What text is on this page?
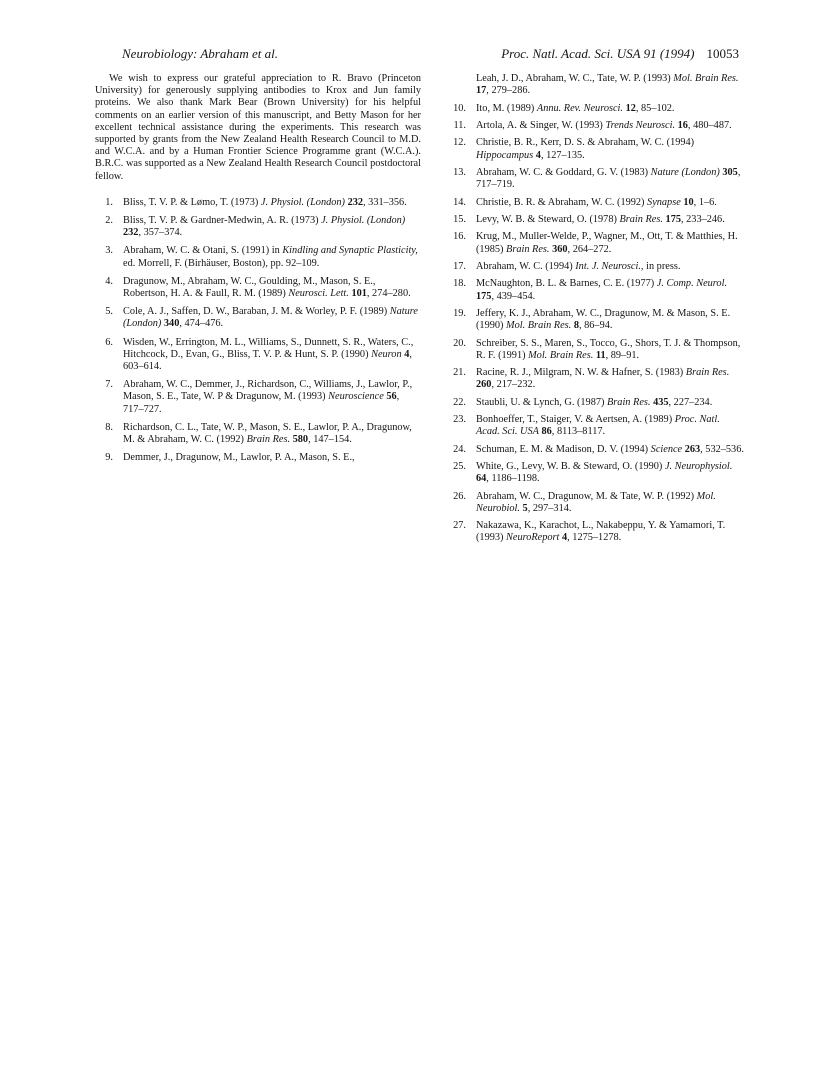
Neurobiology: Abraham et al.	Proc. Natl. Acad. Sci. USA 91 (1994) 10053

We wish to express our grateful appreciation to R. Bravo (Princeton University) for generously supplying antibodies to Krox and Jun family proteins. We also thank Mark Bear (Brown University) for his helpful comments on an earlier version of this manuscript, and Betty Mason for her excellent technical assistance during the experiments. This research was supported by grants from the New Zealand Health Research Council to M.D. and W.C.A. and by a Human Frontier Science Programme grant (W.C.A.). B.R.C. was supported as a New Zealand Health Research Council postdoctoral fellow.

1. Bliss, T. V. P. & Lømo, T. (1973) J. Physiol. (London) 232, 331–356.
2. Bliss, T. V. P. & Gardner-Medwin, A. R. (1973) J. Physiol. (London) 232, 357–374.
3. Abraham, W. C. & Otani, S. (1991) in Kindling and Synaptic Plasticity, ed. Morrell, F. (Birhäuser, Boston), pp. 92–109.
4. Dragunow, M., Abraham, W. C., Goulding, M., Mason, S. E., Robertson, H. A. & Faull, R. M. (1989) Neurosci. Lett. 101, 274–280.
5. Cole, A. J., Saffen, D. W., Baraban, J. M. & Worley, P. F. (1989) Nature (London) 340, 474–476.
6. Wisden, W., Errington, M. L., Williams, S., Dunnett, S. R., Waters, C., Hitchcock, D., Evan, G., Bliss, T. V. P. & Hunt, S. P. (1990) Neuron 4, 603–614.
7. Abraham, W. C., Demmer, J., Richardson, C., Williams, J., Lawlor, P., Mason, S. E., Tate, W. P & Dragunow, M. (1993) Neuroscience 56, 717–727.
8. Richardson, C. L., Tate, W. P., Mason, S. E., Lawlor, P. A., Dragunow, M. & Abraham, W. C. (1992) Brain Res. 580, 147–154.
9. Demmer, J., Dragunow, M., Lawlor, P. A., Mason, S. E.,
Leah, J. D., Abraham, W. C., Tate, W. P. (1993) Mol. Brain Res. 17, 279–286.
10. Ito, M. (1989) Annu. Rev. Neurosci. 12, 85–102.
11. Artola, A. & Singer, W. (1993) Trends Neurosci. 16, 480–487.
12. Christie, B. R., Kerr, D. S. & Abraham, W. C. (1994) Hippocampus 4, 127–135.
13. Abraham, W. C. & Goddard, G. V. (1983) Nature (London) 305, 717–719.
14. Christie, B. R. & Abraham, W. C. (1992) Synapse 10, 1–6.
15. Levy, W. B. & Steward, O. (1978) Brain Res. 175, 233–246.
16. Krug, M., Muller-Welde, P., Wagner, M., Ott, T. & Matthies, H. (1985) Brain Res. 360, 264–272.
17. Abraham, W. C. (1994) Int. J. Neurosci., in press.
18. McNaughton, B. L. & Barnes, C. E. (1977) J. Comp. Neurol. 175, 439–454.
19. Jeffery, K. J., Abraham, W. C., Dragunow, M. & Mason, S. E. (1990) Mol. Brain Res. 8, 86–94.
20. Schreiber, S. S., Maren, S., Tocco, G., Shors, T. J. & Thompson, R. F. (1991) Mol. Brain Res. 11, 89–91.
21. Racine, R. J., Milgram, N. W. & Hafner, S. (1983) Brain Res. 260, 217–232.
22. Staubli, U. & Lynch, G. (1987) Brain Res. 435, 227–234.
23. Bonhoeffer, T., Staiger, V. & Aertsen, A. (1989) Proc. Natl. Acad. Sci. USA 86, 8113–8117.
24. Schuman, E. M. & Madison, D. V. (1994) Science 263, 532–536.
25. White, G., Levy, W. B. & Steward, O. (1990) J. Neurophysiol. 64, 1186–1198.
26. Abraham, W. C., Dragunow, M. & Tate, W. P. (1992) Mol. Neurobiol. 5, 297–314.
27. Nakazawa, K., Karachot, L., Nakabeppu, Y. & Yamamori, T. (1993) NeuroReport 4, 1275–1278.
